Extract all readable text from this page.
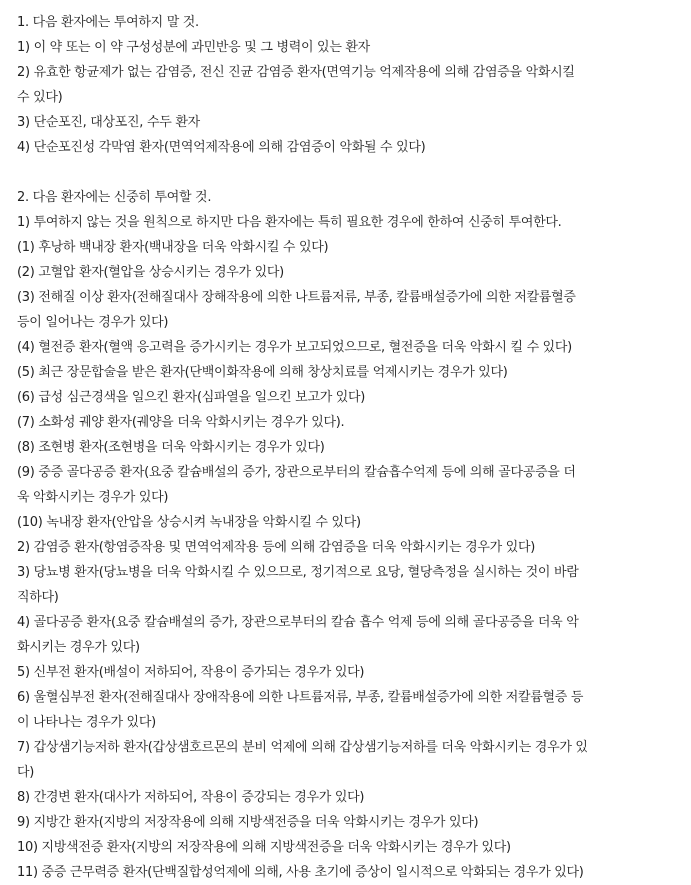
1. 다음 환자에는 투여하지 말 것.
1) 이 약 또는 이 약 구성성분에 과민반응 및 그 병력이 있는 환자
2) 유효한 항균제가 없는 감염증, 전신 진균 감염증 환자(면역기능 억제작용에 의해 감염증을 악화시킬
수 있다)
3) 단순포진, 대상포진, 수두 환자
4) 단순포진성 각막염 환자(면역억제작용에 의해 감염증이 악화될 수 있다)
2. 다음 환자에는 신중히 투여할 것.
1) 투여하지 않는 것을 원칙으로 하지만 다음 환자에는 특히 필요한 경우에 한하여 신중히 투여한다.
(1) 후낭하 백내장 환자(백내장을 더욱 악화시킬 수 있다)
(2) 고혈압 환자(혈압을 상승시키는 경우가 있다)
(3) 전해질 이상 환자(전해질대사 장해작용에 의한 나트륨저류, 부종, 칼륨배설증가에 의한 저칼륨혈증
등이 일어나는 경우가 있다)
(4) 혈전증 환자(혈액 응고력을 증가시키는 경우가 보고되었으므로, 혈전증을 더욱 악화시 킬 수 있다)
(5) 최근 장문합술을 받은 환자(단백이화작용에 의해 창상치료를 억제시키는 경우가 있다)
(6) 급성 심근경색을 일으킨 환자(심파열을 일으킨 보고가 있다)
(7) 소화성 궤양 환자(궤양을 더욱 악화시키는 경우가 있다).
(8) 조현병 환자(조현병을 더욱 악화시키는 경우가 있다)
(9) 중증 골다공증 환자(요중 칼슘배설의 증가, 장관으로부터의 칼슘흡수억제 등에 의해 골다공증을 더
욱 악화시키는 경우가 있다)
(10) 녹내장 환자(안압을 상승시켜 녹내장을 악화시킬 수 있다)
2) 감염증 환자(항염증작용 및 면역억제작용 등에 의해 감염증을 더욱 악화시키는 경우가 있다)
3) 당뇨병 환자(당뇨병을 더욱 악화시킬 수 있으므로, 정기적으로 요당, 혈당측정을 실시하는 것이 바람
직하다)
4) 골다공증 환자(요중 칼슘배설의 증가, 장관으로부터의 칼슘 흡수 억제 등에 의해 골다공증을 더욱 악
화시키는 경우가 있다)
5) 신부전 환자(배설이 저하되어, 작용이 증가되는 경우가 있다)
6) 울혈심부전 환자(전해질대사 장애작용에 의한 나트륨저류, 부종, 칼륨배설증가에 의한 저칼륨혈증 등
이 나타나는 경우가 있다)
7) 갑상샘기능저하 환자(갑상샘호르몬의 분비 억제에 의해 갑상샘기능저하를 더욱 악화시키는 경우가 있
다)
8) 간경변 환자(대사가 저하되어, 작용이 증강되는 경우가 있다)
9) 지방간 환자(지방의 저장작용에 의해 지방색전증을 더욱 악화시키는 경우가 있다)
10) 지방색전증 환자(지방의 저장작용에 의해 지방색전증을 더욱 악화시키는 경우가 있다)
11) 중증 근무력증 환자(단백질합성억제에 의해, 사용 초기에 증상이 일시적으로 악화되는 경우가 있다)
